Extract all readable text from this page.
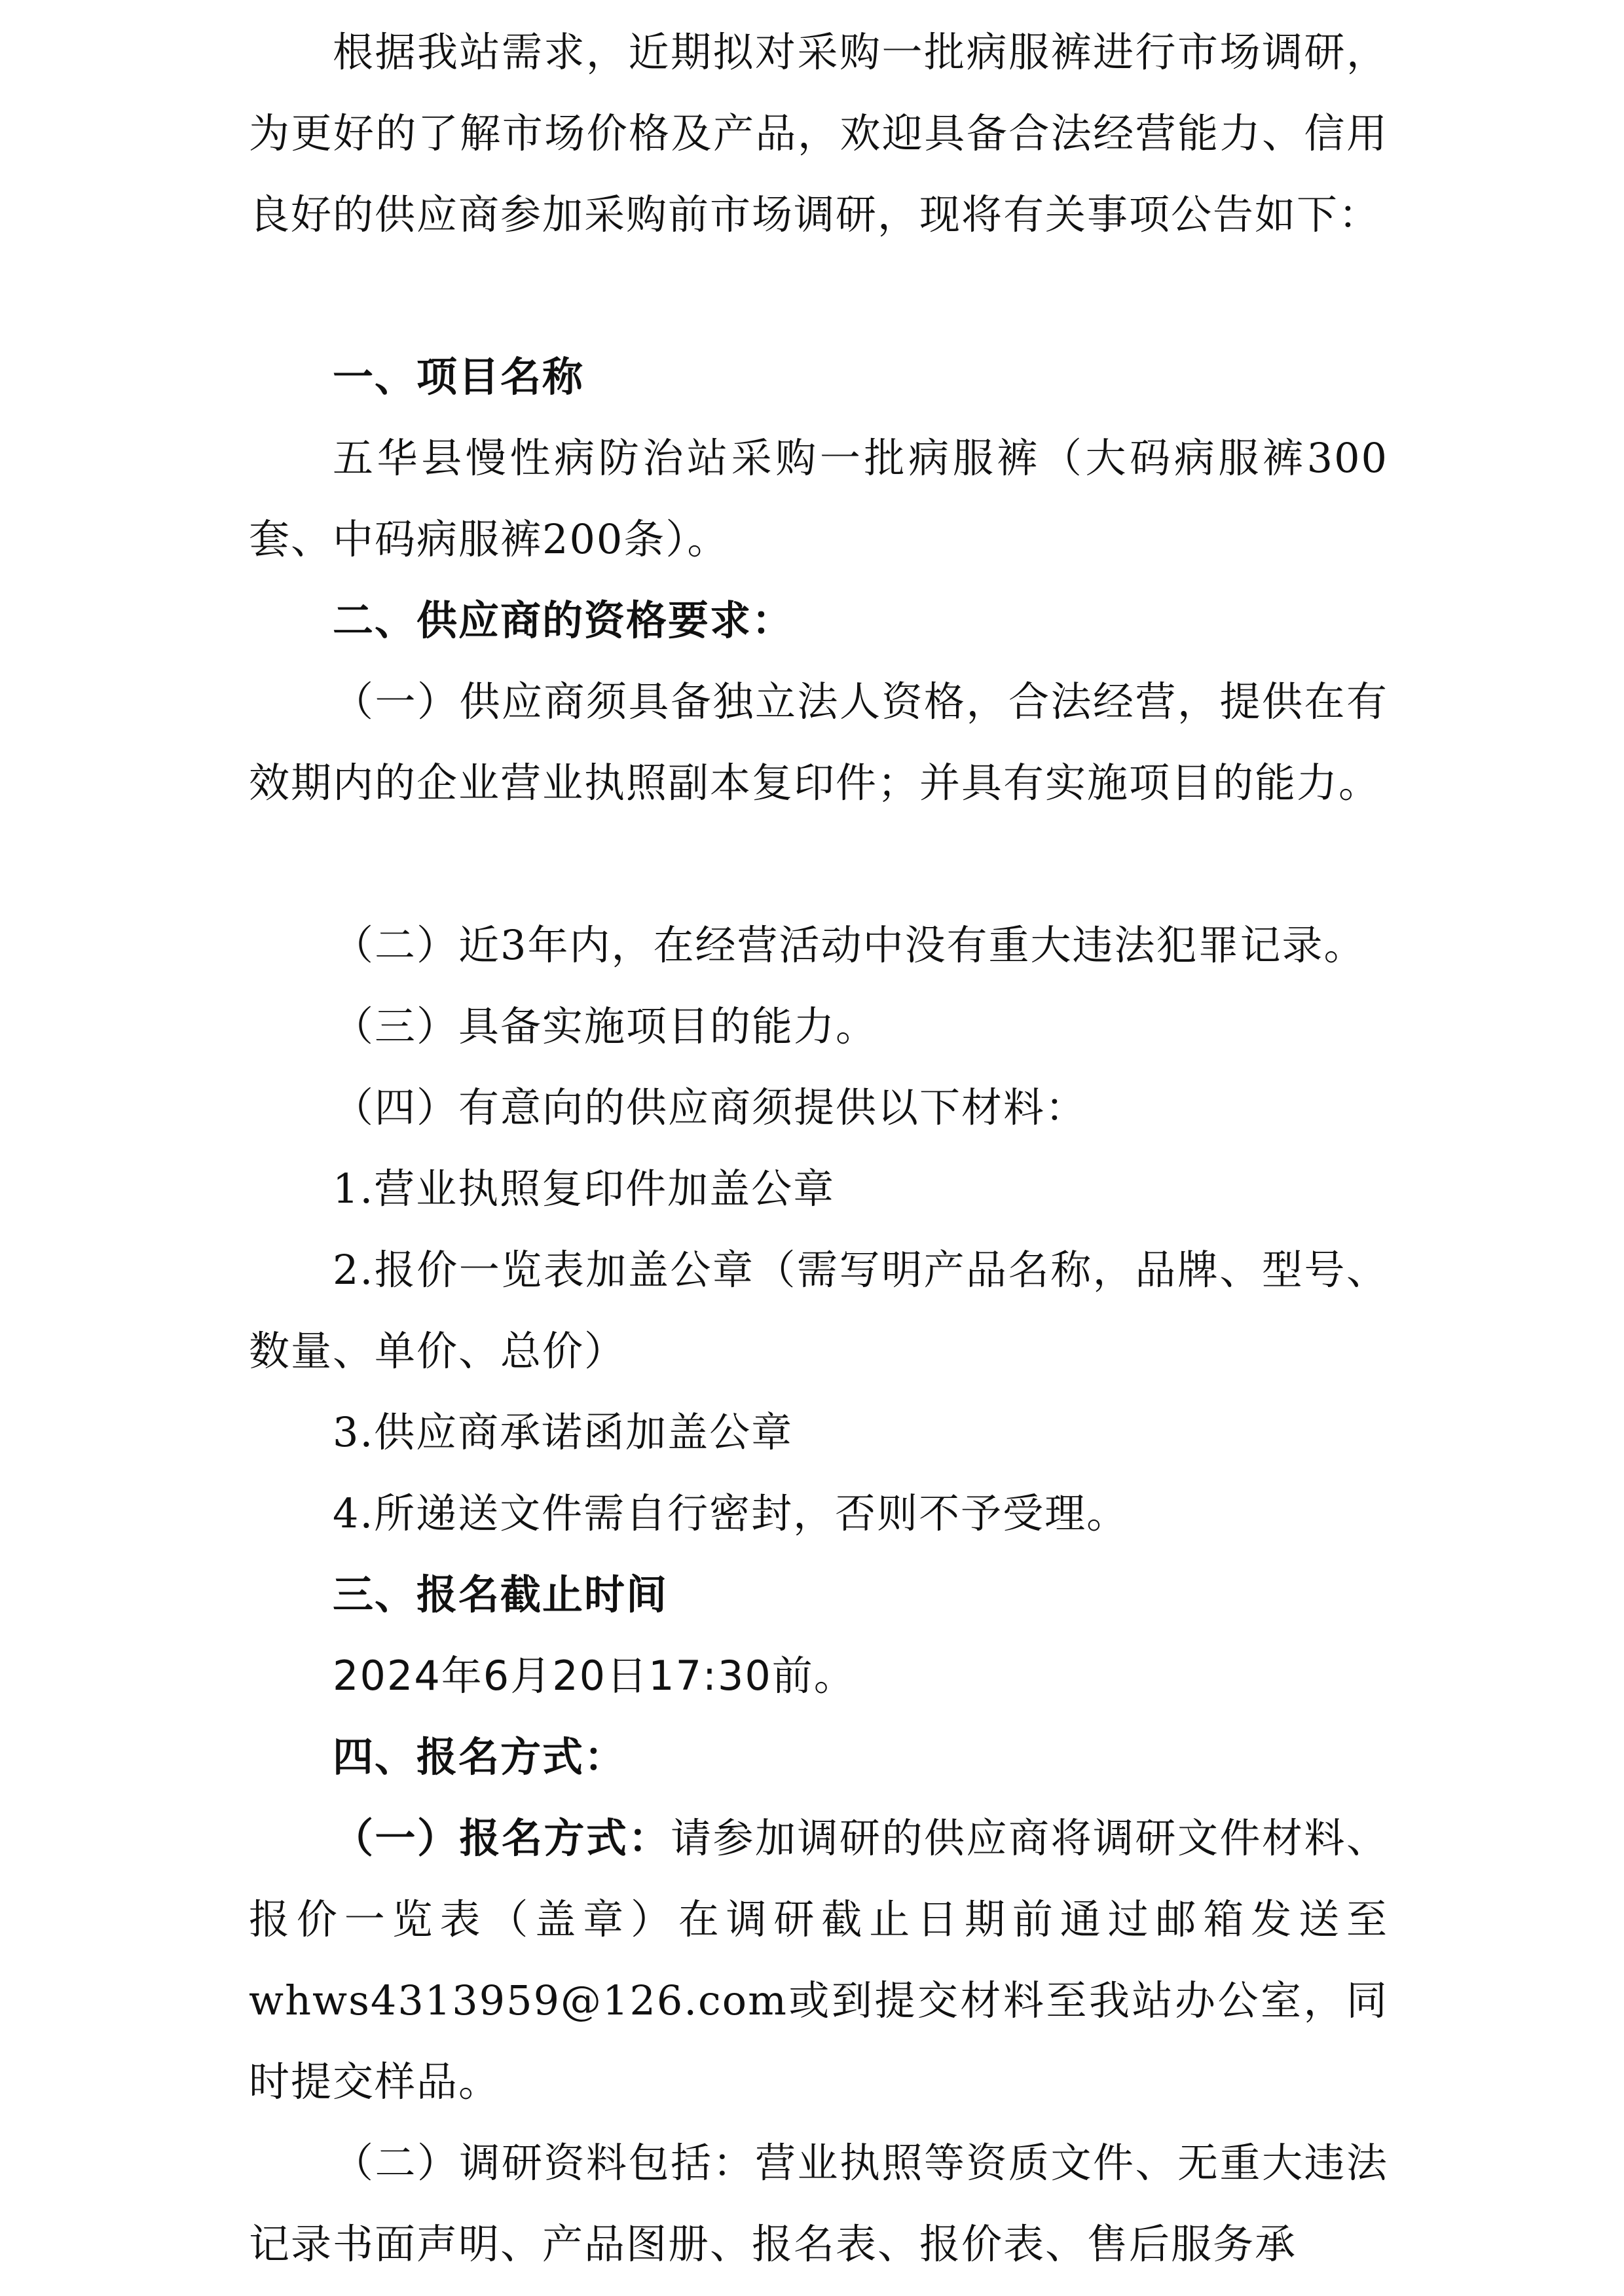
根据我站需求，近期拟对采购一批病服裤进行市场调研，为更好的了解市场价格及产品，欢迎具备合法经营能力、信用良好的供应商参加采购前市场调研，现将有关事项公告如下：

一、项目名称

五华县慢性病防治站采购一批病服裤（大码病服裤300套、中码病服裤200条）。

二、供应商的资格要求：

（一）供应商须具备独立法人资格，合法经营，提供在有效期内的企业营业执照副本复印件；并具有实施项目的能力。

（二）近3年内，在经营活动中没有重大违法犯罪记录。

（三）具备实施项目的能力。

（四）有意向的供应商须提供以下材料：

1.营业执照复印件加盖公章

2.报价一览表加盖公章（需写明产品名称，品牌、型号、数量、单价、总价）

3.供应商承诺函加盖公章

4.所递送文件需自行密封，否则不予受理。

三、报名截止时间

2024年6月20日17:30前。

四、报名方式：

（一）报名方式：请参加调研的供应商将调研文件材料、报价一览表（盖章）在调研截止日期前通过邮箱发送至whws4313959@126.com或到提交材料至我站办公室，同时提交样品。

（二）调研资料包括：营业执照等资质文件、无重大违法记录书面声明、产品图册、报名表、报价表、售后服务承
